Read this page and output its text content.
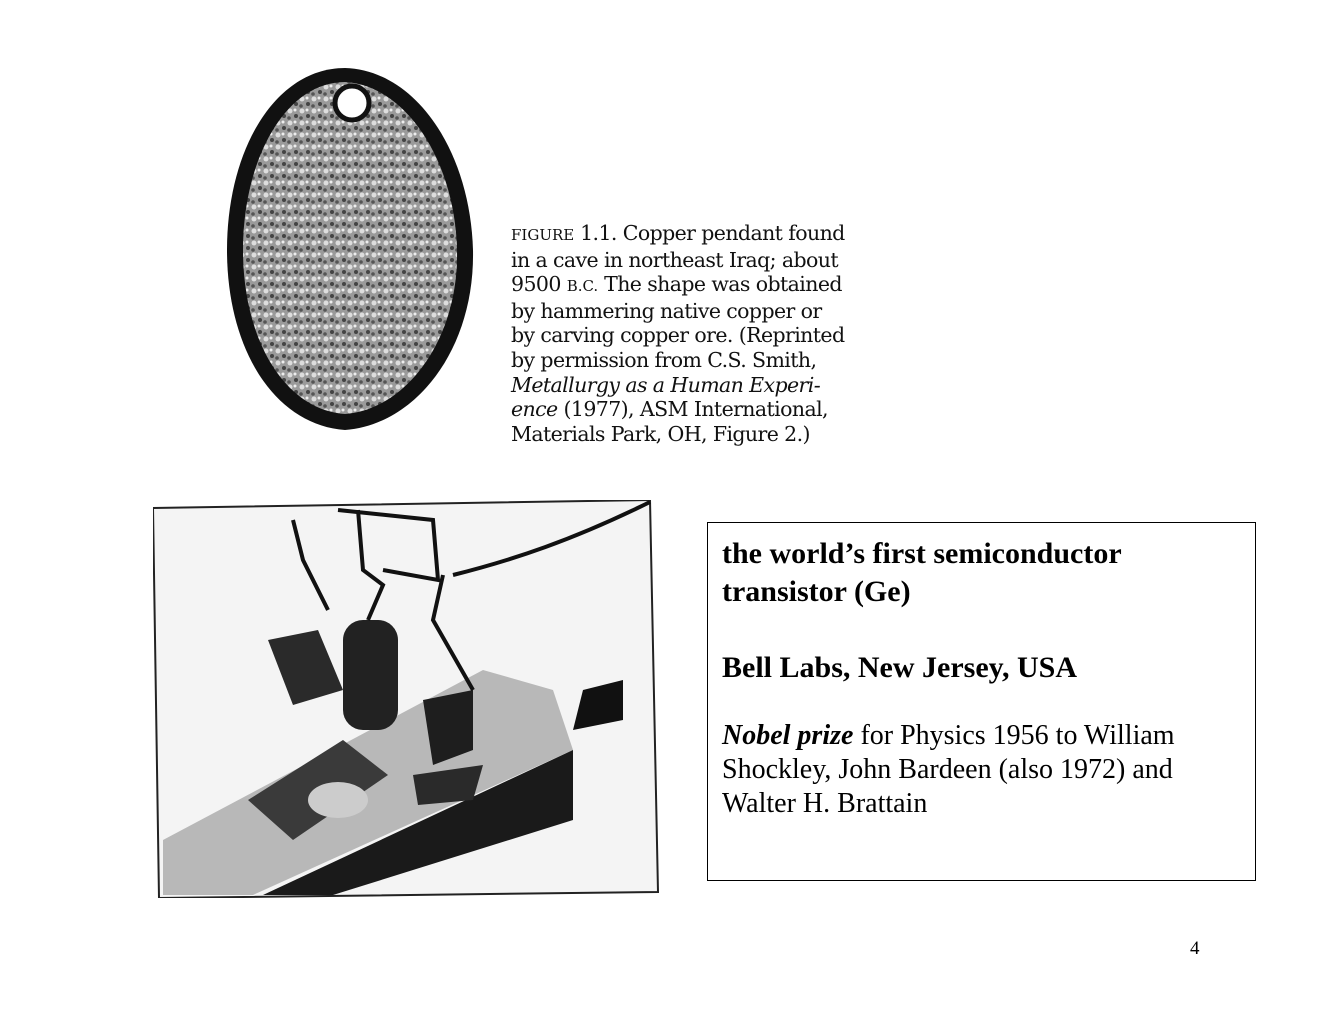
FIGURE 1.1. Copper pendant found
in a cave in northeast Iraq; about
9500 B.C. The shape was obtained
by hammering native copper or
by carving copper ore. (Reprinted
by permission from C.S. Smith,
Metallurgy as a Human Experi-
ence (1977), ASM International,
Materials Park, OH, Figure 2.)
the world’s first semiconductor
transistor (Ge)
Bell Labs, New Jersey, USA
Nobel prize for Physics 1956 to William Shockley, John Bardeen (also 1972) and Walter H. Brattain
4
